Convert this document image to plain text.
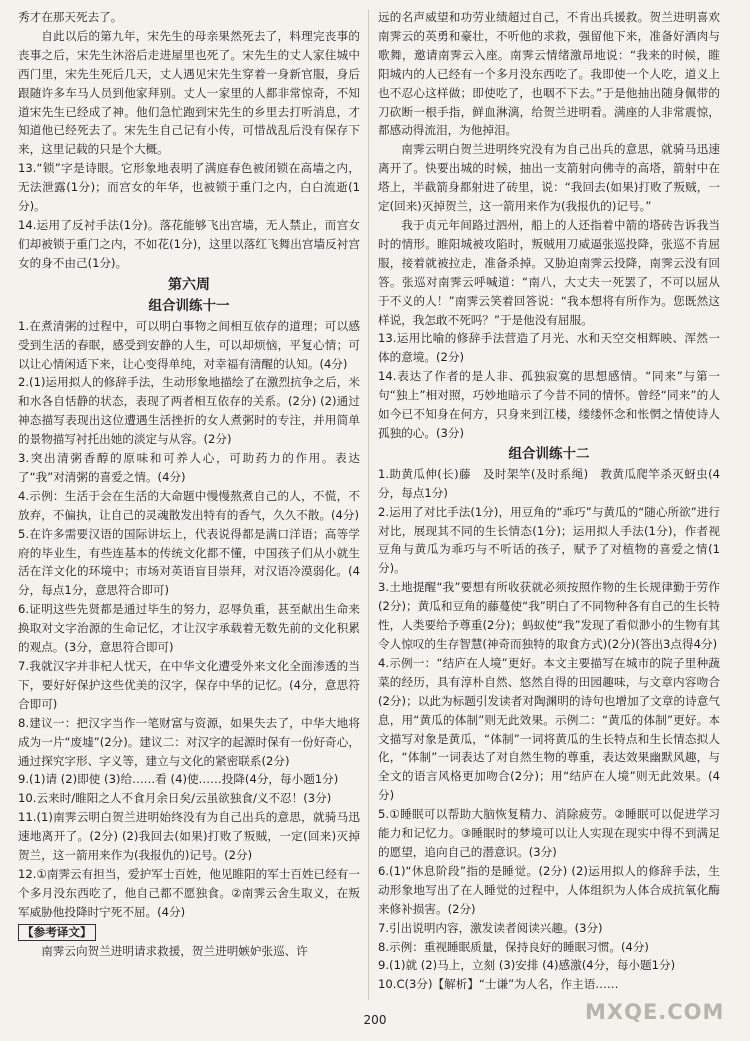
秀才在那天死去了。

自此以后的第九年，宋先生的母亲果然死去了，料理完丧事的丧事之后，宋先生沐浴后走进屋里也死了。宋先生的丈人家住城中西门里，宋先生死后几天，丈人遇见宋先生穿着一身新官服，身后跟随许多车马人员到他家拜别。丈人一家里的人都非常惊奇，不知道宋先生已经成了神。他们急忙跑到宋先生的乡里去打听消息，才知道他已经死去了。宋先生自己记有小传，可惜战乱后没有保存下来，这里记载的只是个大概。

13.“锁”字是诗眼。它形象地表明了满庭春色被闭锁在高墙之内，无法泄露(1分)；而宫女的年华，也被锁于重门之内，白白流逝(1分)。

14.运用了反衬手法(1分)。落花能够飞出宫墙，无人禁止，而宫女们却被锁于重门之内，不如花(1分)，这里以落红飞舞出宫墙反衬宫女的身不由己(1分)。

第六周
组合训练十一

1.在煮清粥的过程中，可以明白事物之间相互依存的道理；可以感受到生活的春眠，感受到安静的人生，可以却烦恼，平复心情；可以让心情闲适下来，让心变得单纯，对幸福有清醒的认知。(4分)

2.(1)运用拟人的修辞手法，生动形象地描绘了在激烈抗争之后，米和水各自恬静的状态，表现了两者相互依存的关系。(2分) (2)通过神态描写表现出这位遭遇生活挫折的女人煮粥时的专注，并用简单的景物描写衬托出她的淡定与从容。(2分)

3.突出清粥香醇的原味和可养人心，可助药力的作用。表达了“我”对清粥的喜爱之情。(4分)

4.示例：生活于会在生活的大命题中慢慢熬煮自己的人，不慌，不放弃，不偏执，让自己的灵魂散发出特有的香气，久久不散。(4分)

5.在许多需要汉语的国际讲坛上，代表说得都是满口洋语；高等学府的毕业生，有些连基本的传统文化都不懂，中国孩子们从小就生活在洋文化的环境中；市场对英语盲目崇拜，对汉语冷漠弱化。(4分，每点1分，意思符合即可)

6.证明这些先贤都是通过毕生的努力，忍辱负重，甚至献出生命来换取对文字治源的生命记忆，才让汉字承载着无数先前的文化积累的观点。(3分，意思符合即可)

7.我就汉字并非杞人忧天，在中华文化遭受外来文化全面渗透的当下，要好好保护这些优美的汉字，保存中华的记忆。(4分，意思符合即可)

8.建议一：把汉字当作一笔财富与资源，如果失去了，中华大地将成为一片“废墟”(2分)。建议二：对汉字的起源时保有一份好奇心，通过探究字形、字义等，建立与文化的紧密联系(2分)

9.(1)请 (2)即使 (3)给……看 (4)使……投降(4分，每小题1分)

10.云来时/睢阳之人不食月余日矣/云虽欲独食/义不忍！(3分)

11.(1)南霁云明白贺兰进明始终没有为自己出兵的意思，就骑马迅速地离开了。(2分) (2)我回去(如果)打败了叛贼，一定(回来)灭掉贺兰，这一箭用来作为(我报仇的)记号。(2分)

12.①南霁云有担当，爱护军士百姓，他见睢阳的军士百姓已经有一个多月没东西吃了，他自己都不愿独食。②南霁云舍生取义，在叛军威胁他投降时宁死不屈。(4分)

【参考译文】

南霁云向贺兰进明请求救援，贺兰进明嫉妒张巡、许

远的名声威望和功劳业绩超过自己，不肯出兵援救。贺兰进明喜欢南霁云的英勇和豪壮，不听他的求救，强留他下来，准备好酒肉与歌舞，邀请南霁云入座。南霁云情绪激昂地说：“我来的时候，睢阳城内的人已经有一个多月没东西吃了。我即使一个人吃，道义上也不忍心这样做；即使吃了，也咽不下去。”于是他抽出随身佩带的刀砍断一根手指，鲜血淋漓，给贺兰进明看。满座的人非常震惊，都感动得流泪，为他掉泪。

南霁云明白贺兰进明终究没有为自己出兵的意思，就骑马迅速离开了。快要出城的时候，抽出一支箭射向佛寺的高塔，箭射中在塔上，半截箭身都射进了砖里，说：“我回去(如果)打败了叛贼，一定(回来)灭掉贺兰，这一箭用来作为(我报仇的)记号。”

我于贞元年间路过泗州，船上的人还指着中箭的塔砖告诉我当时的情形。睢阳城被攻陷时，叛贼用刀威逼张巡投降，张巡不肯屈服，接着就被拉走，准备杀掉。又胁迫南霁云投降，南霁云没有回答。张巡对南霁云呼喊道：“南八，大丈夫一死罢了，不可以屈从于不义的人！”南霁云笑着回答说：“我本想将有所作为。您既然这样说，我怎敢不死吗？”于是他没有屈服。

13.运用比喻的修辞手法营造了月光、水和天空交相辉映、浑然一体的意境。(2分)

14.表达了作者的是人非、孤独寂寞的思想感情。“同来”与第一句“独上”相对照，巧妙地暗示了今昔不同的情怀。曾经“同来”的人如今已不知身在何方，只身来到江楼，缕缕怀念和怅惘之情使诗人孤独的心。(3分)

组合训练十二

1.助黄瓜伸(长)藤　及时架竿(及时系绳)　教黄瓜爬竿杀灭蚜虫(4分，每点1分)

2.运用了对比手法(1分)，用豆角的“乖巧”与黄瓜的“随心所欲”进行对比，展现其不同的生长情态(1分)；运用拟人手法(1分)，作者视豆角与黄瓜为乖巧与不听话的孩子，赋予了对植物的喜爱之情(1分)。

3.土地提醒“我”要想有所收获就必须按照作物的生长规律勤于劳作(2分)；黄瓜和豆角的藤蔓使“我”明白了不同物种各有自己的生长特性，人类要给予尊重(2分)；蚂蚁使“我”发现了看似渺小的生物有其令人惊叹的生存智慧(神奇而独特的取食方式)(2分)(答出3点得4分)

4.示例一：“结庐在人境”更好。本文主要描写在城市的院子里种蔬菜的经历，具有淳朴自然、悠然自得的田园趣味，与文章内容吻合(2分)；以此为标题引发读者对陶渊明的诗句也增加了文章的诗意气息，用“黄瓜的体制”则无此效果。示例二：“黄瓜的体制”更好。本文描写对象是黄瓜，“体制”一词将黄瓜的生长特点和生长情态拟人化，“体制”一词表达了对自然生物的尊重，表达效果幽默风趣，与全文的语言风格更加吻合(2分)；用“结庐在人境”则无此效果。(4分)

5.①睡眠可以帮助大脑恢复精力、消除疲劳。②睡眠可以促进学习能力和记忆力。③睡眠时的梦境可以让人实现在现实中得不到满足的愿望，追向自己的潜意识。(3分)

6.(1)“休息阶段”指的是睡觉。(2分) (2)运用拟人的修辞手法，生动形象地写出了在人睡觉的过程中，人体组织为人体合成抗氧化酶来修补损害。(2分)

7.引出说明内容，激发读者阅读兴趣。(3分)

8.示例：重视睡眠质量，保持良好的睡眠习惯。(4分)

9.(1)就 (2)马上，立刻 (3)安排 (4)感激(4分，每小题1分)

10.C(3分)【解析】“士谦”为人名，作主语……

200	MXQE.COM
